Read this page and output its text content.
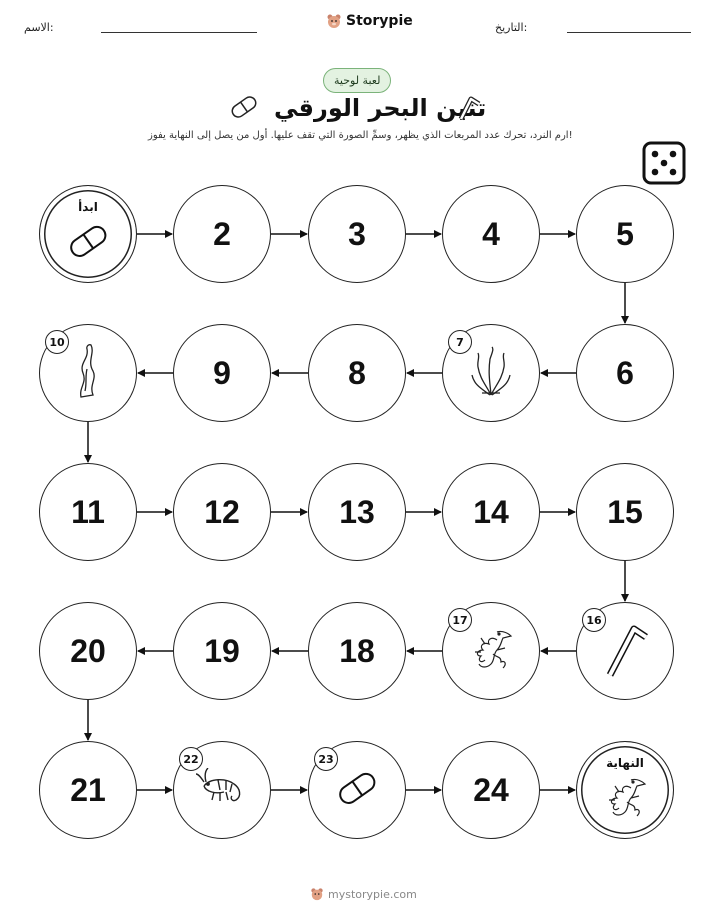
الاسم:	Storypie	التاريخ:
لعبة لوحية
تنين البحر الورقي
ارم النرد، تحرك عدد المربعات الذي يظهر، وسمِّ الصورة التي تقف عليها. أول من يصل إلى النهاية يفوز!
ابدأ
2	3	4	5
6
7
8
9
10
11	12	13	14	15
16
17
18
19
20
21
22	23
24
النهاية
mystorypie.com
